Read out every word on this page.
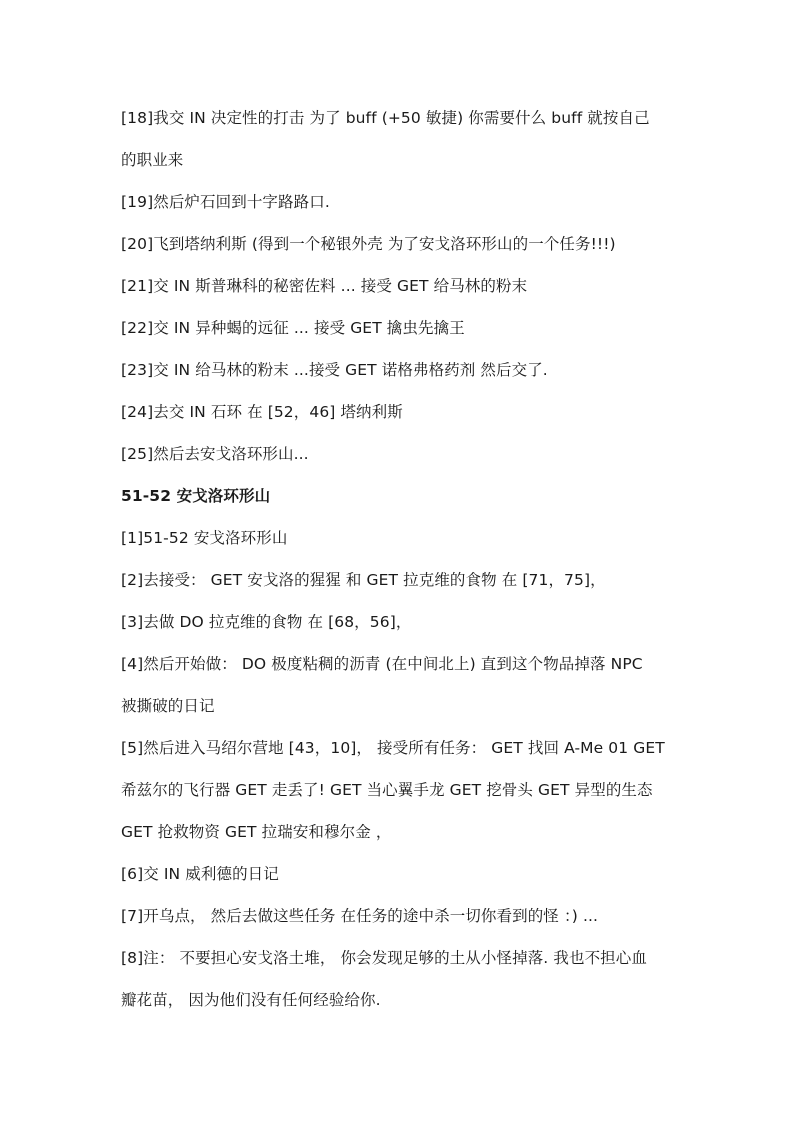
[18]我交 IN 决定性的打击 为了 buff (+50 敏捷) 你需要什么 buff 就按自己
的职业来
[19]然后炉石回到十字路路口.
[20]飞到塔纳利斯 (得到一个秘银外壳 为了安戈洛环形山的一个任务!!!)
[21]交 IN 斯普琳科的秘密佐料 ... 接受 GET 给马林的粉末
[22]交 IN 异种蝎的远征 ... 接受 GET 擒虫先擒王
[23]交 IN 给马林的粉末 ...接受 GET 诺格弗格药剂 然后交了.
[24]去交 IN 石环 在 [52，46] 塔纳利斯
[25]然后去安戈洛环形山...
51-52 安戈洛环形山
[1]51-52 安戈洛环形山
[2]去接受： GET 安戈洛的猩猩 和 GET 拉克维的食物 在 [71，75]，
[3]去做 DO 拉克维的食物 在 [68，56]，
[4]然后开始做： DO 极度粘稠的沥青 (在中间北上) 直到这个物品掉落 NPC
被撕破的日记
[5]然后进入马绍尔营地 [43，10]， 接受所有任务： GET 找回 A-Me 01 GET
希兹尔的飞行器 GET 走丢了! GET 当心翼手龙 GET 挖骨头 GET 异型的生态
GET 抢救物资 GET 拉瑞安和穆尔金 ，
[6]交 IN 威利德的日记
[7]开乌点， 然后去做这些任务 在任务的途中杀一切你看到的怪 ：) ...
[8]注： 不要担心安戈洛土堆， 你会发现足够的土从小怪掉落. 我也不担心血
瓣花苗， 因为他们没有任何经验给你.
